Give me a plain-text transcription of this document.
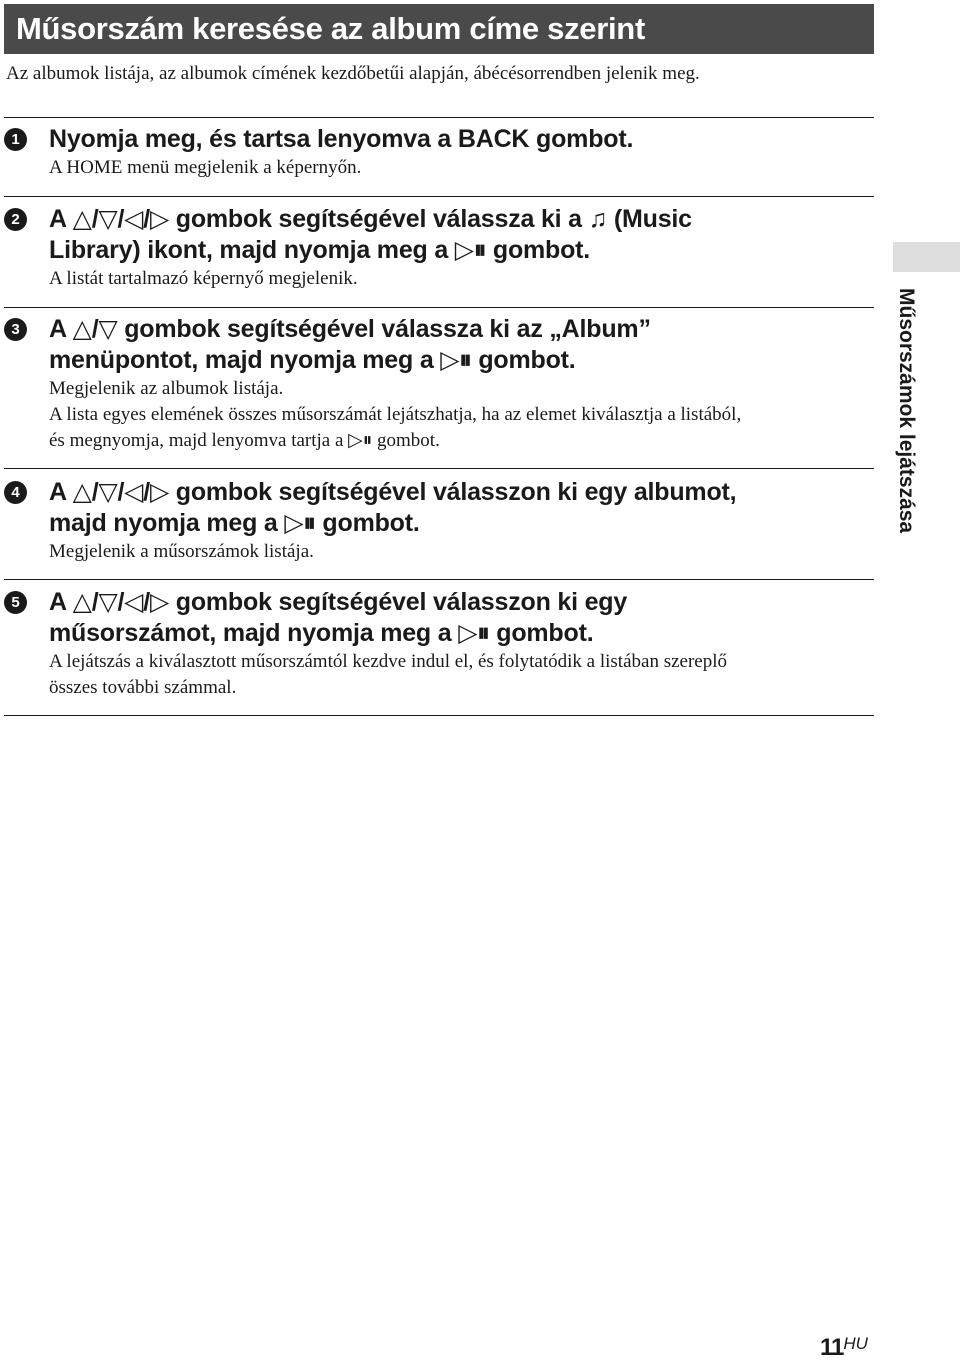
Műsorszám keresése az album címe szerint
Az albumok listája, az albumok címének kezdőbetűi alapján, ábécésorrendben jelenik meg.
1 Nyomja meg, és tartsa lenyomva a BACK gombot.
A HOME menü megjelenik a képernyőn.
2 A △/▽/◁/▷ gombok segítségével válassza ki a ♫ (Music
Library) ikont, majd nyomja meg a ▷⏸ gombot.
A listát tartalmazó képernyő megjelenik.
3 A △/▽ gombok segítségével válassza ki az „Album”
menüpontot, majd nyomja meg a ▷⏸ gombot.
Megjelenik az albumok listája.
A lista egyes elemének összes műsorszámát lejátszhatja, ha az elemet kiválasztja a listából,
és megnyomja, majd lenyomva tartja a ▷⏸ gombot.
4 A △/▽/◁/▷ gombok segítségével válasszon ki egy albumot,
majd nyomja meg a ▷⏸ gombot.
Megjelenik a műsorszámok listája.
5 A △/▽/◁/▷ gombok segítségével válasszon ki egy
műsorszámot, majd nyomja meg a ▷⏸ gombot.
A lejátszás a kiválasztott műsorszámtól kezdve indul el, és folytatódik a listában szereplő
összes további számmal.
Műsorszámok lejátszása
11HU
